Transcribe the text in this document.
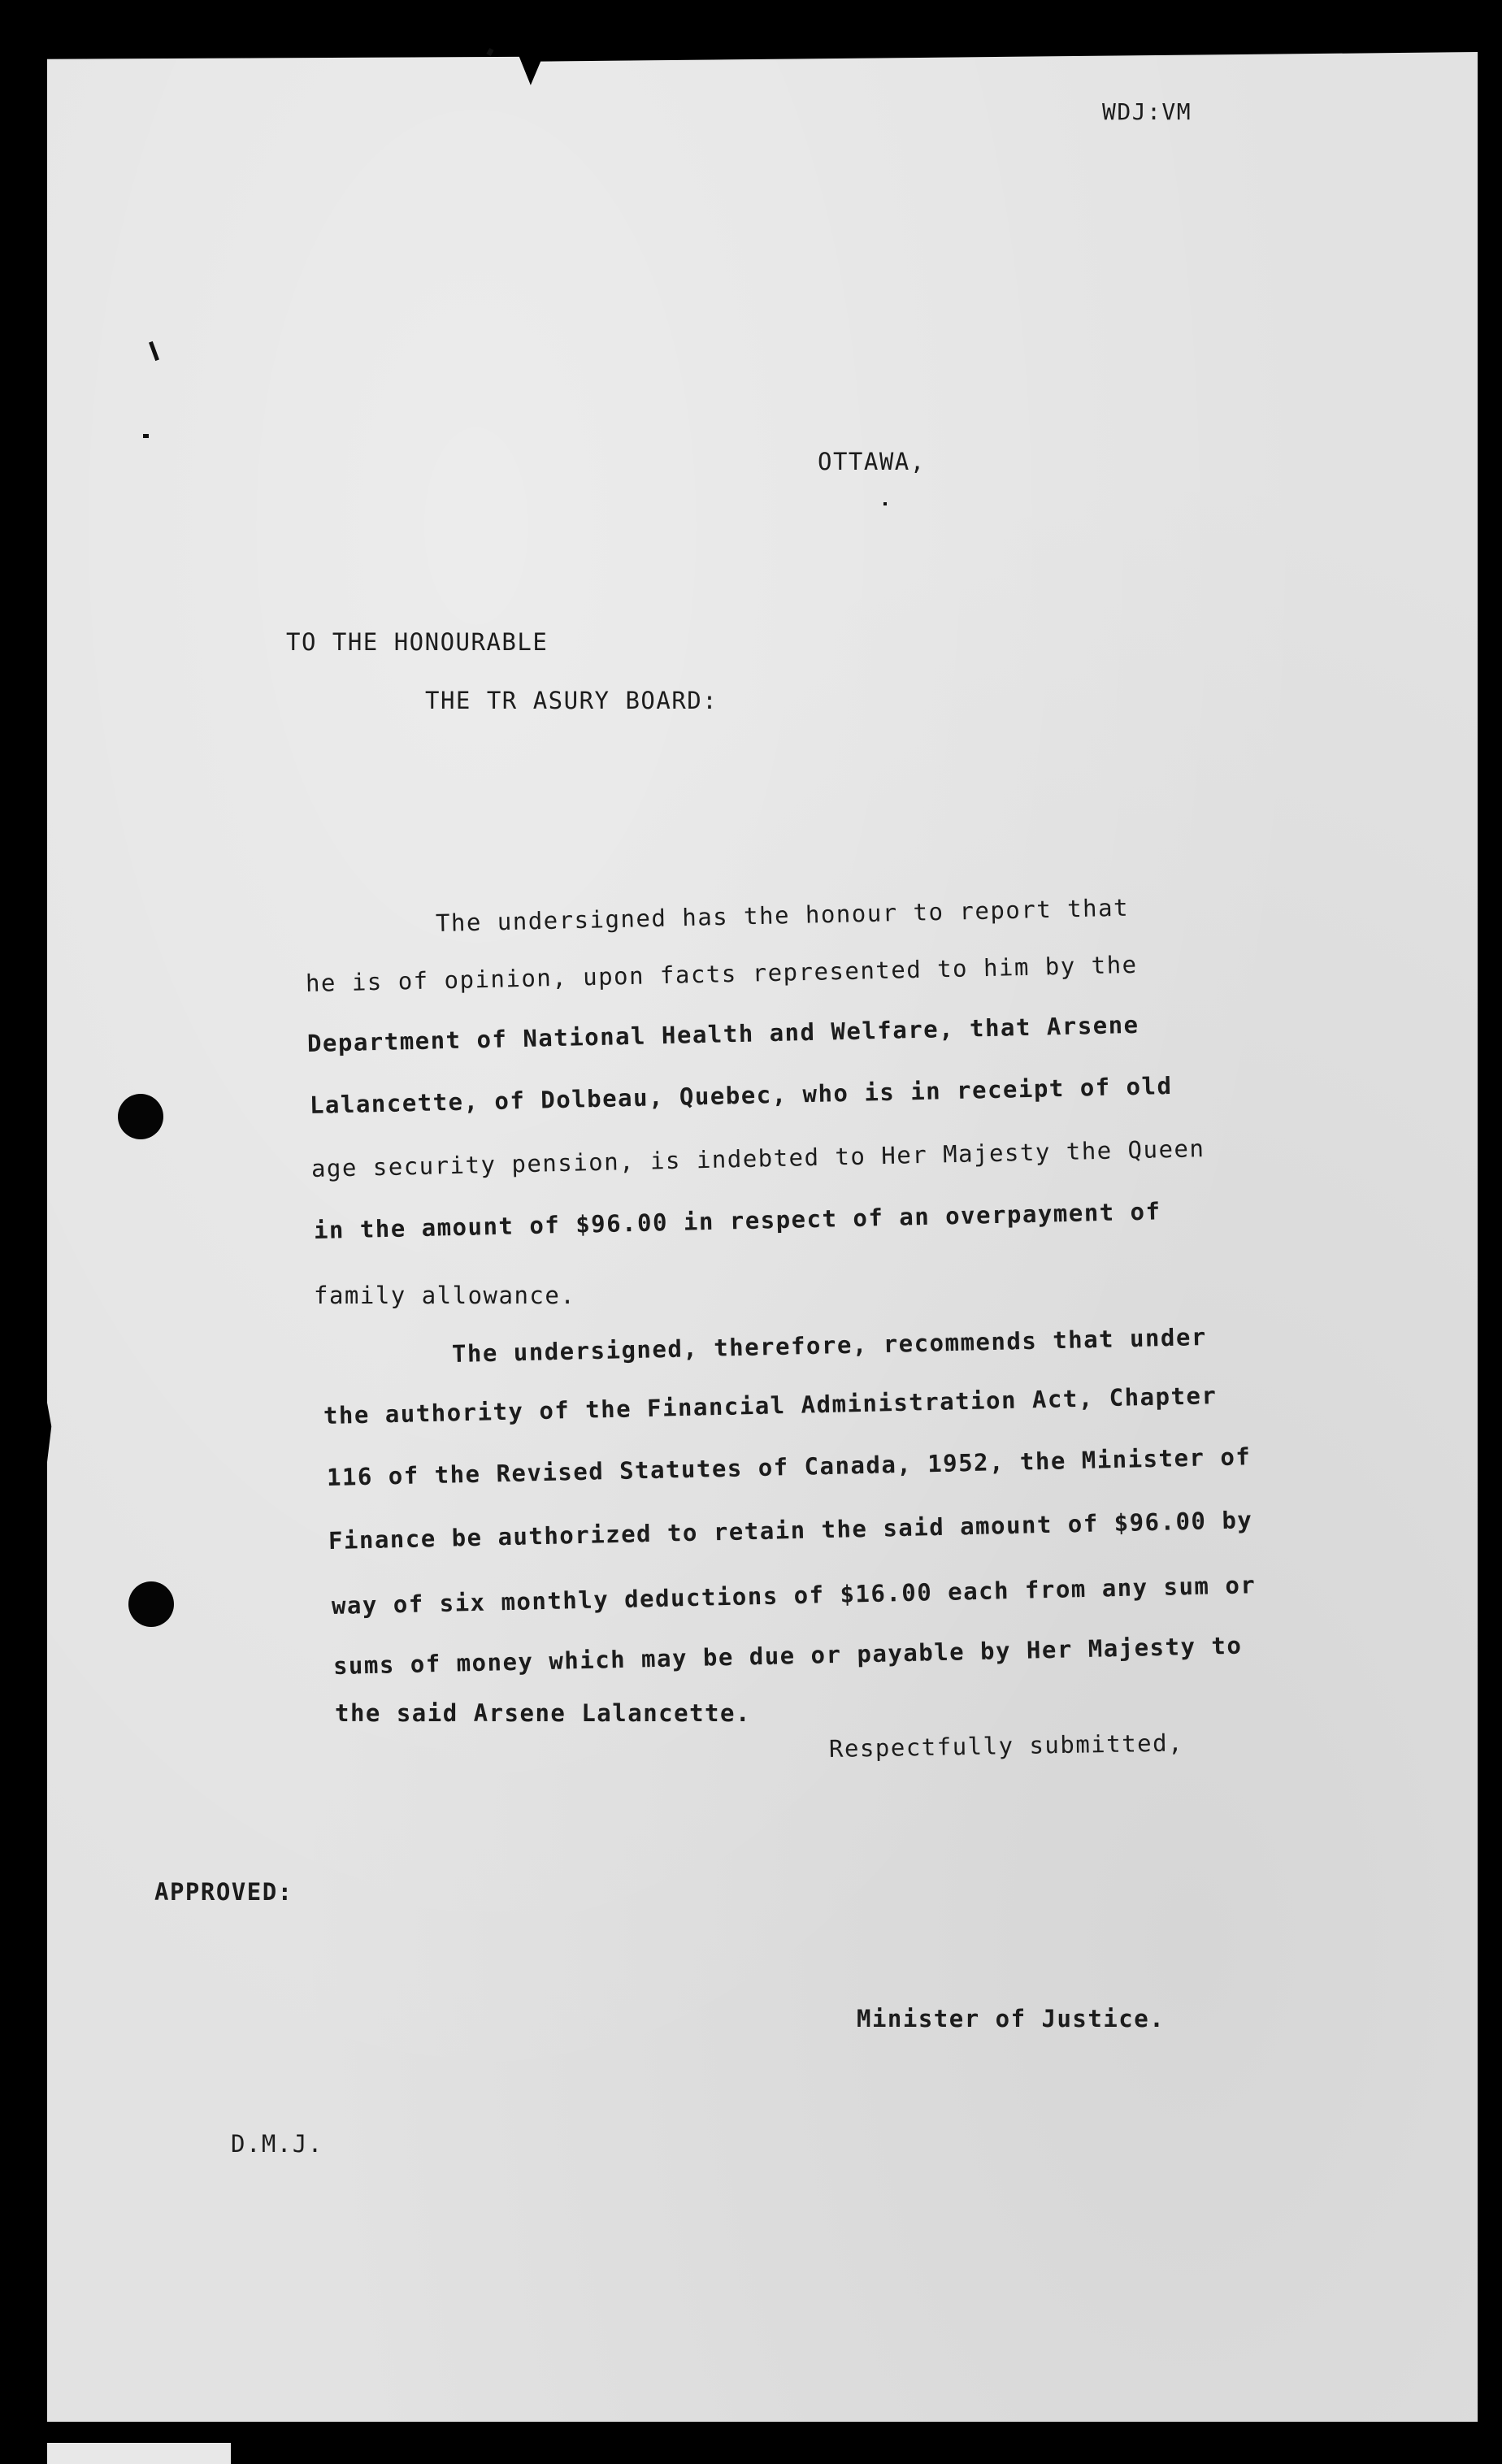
WDJ:VM
OTTAWA,
TO THE HONOURABLE
THE TR ASURY BOARD:
The undersigned has the honour to report that
he is of opinion, upon facts represented to him by the
Department of National Health and Welfare, that Arsene
Lalancette, of Dolbeau, Quebec, who is in receipt of old
age security pension, is indebted to Her Majesty the Queen
in the amount of $96.00 in respect of an overpayment of
family allowance.
The undersigned, therefore, recommends that under
the authority of the Financial Administration Act, Chapter
116 of the Revised Statutes of Canada, 1952, the Minister of
Finance be authorized to retain the said amount of $96.00 by
way of six monthly deductions of $16.00 each from any sum or
sums of money which may be due or payable by Her Majesty to
the said Arsene Lalancette.
Respectfully submitted,
APPROVED:
Minister of Justice.
D.M.J.
